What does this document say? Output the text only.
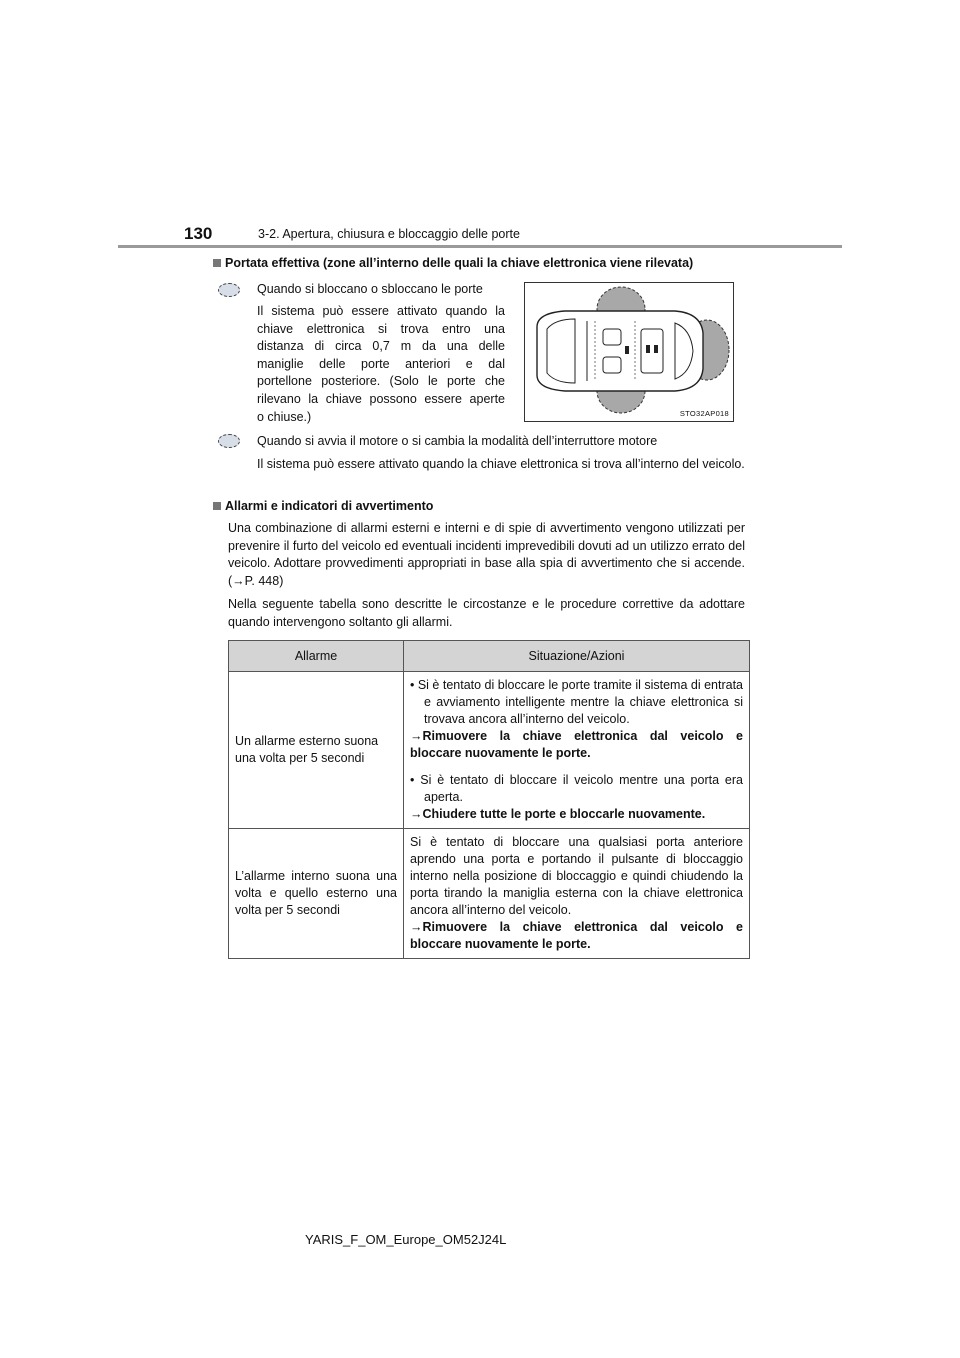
130	3-2. Apertura, chiusura e bloccaggio delle porte
Portata effettiva (zone all’interno delle quali la chiave elettronica viene rilevata)
Quando si bloccano o sbloccano le porte
Il sistema può essere attivato quando la
chiave elettronica si trova entro una
distanza di circa 0,7 m da una delle
maniglie delle porte anteriori e dal
portellone posteriore. (Solo le porte che
rilevano la chiave possono essere aperte
o chiuse.)	STO32AP018
Quando si avvia il motore o si cambia la modalità dell’interruttore motore
Il sistema può essere attivato quando la chiave elettronica si trova all’interno del veicolo.
Allarmi e indicatori di avvertimento
Una combinazione di allarmi esterni e interni e di spie di avvertimento vengono utilizzati per prevenire il furto del veicolo ed eventuali incidenti imprevedibili dovuti ad un utilizzo errato del veicolo. Adottare provvedimenti appropriati in base alla spia di avvertimento che si accende. (→P. 448)
Nella seguente tabella sono descritte le circostanze e le procedure correttive da adottare quando intervengono soltanto gli allarmi.
Allarme	Situazione/Azioni

Un allarme esterno suona una volta per 5 secondi	• Si è tentato di bloccare le porte tramite il sistema di entrata e avviamento intelligente mentre la chiave elettronica si trovava ancora all’interno del veicolo.
→Rimuovere la chiave elettronica dal veicolo e bloccare nuovamente le porte.
• Si è tentato di bloccare il veicolo mentre una porta era aperta.
→Chiudere tutte le porte e bloccarle nuovamente.

L’allarme interno suona una volta e quello esterno una volta per 5 secondi	Si è tentato di bloccare una qualsiasi porta anteriore aprendo una porta e portando il pulsante di bloccaggio interno nella posizione di bloccaggio e quindi chiudendo la porta tirando la maniglia esterna con la chiave elettronica ancora all’interno del veicolo.
→Rimuovere la chiave elettronica dal veicolo e bloccare nuovamente le porte.
YARIS_F_OM_Europe_OM52J24L
